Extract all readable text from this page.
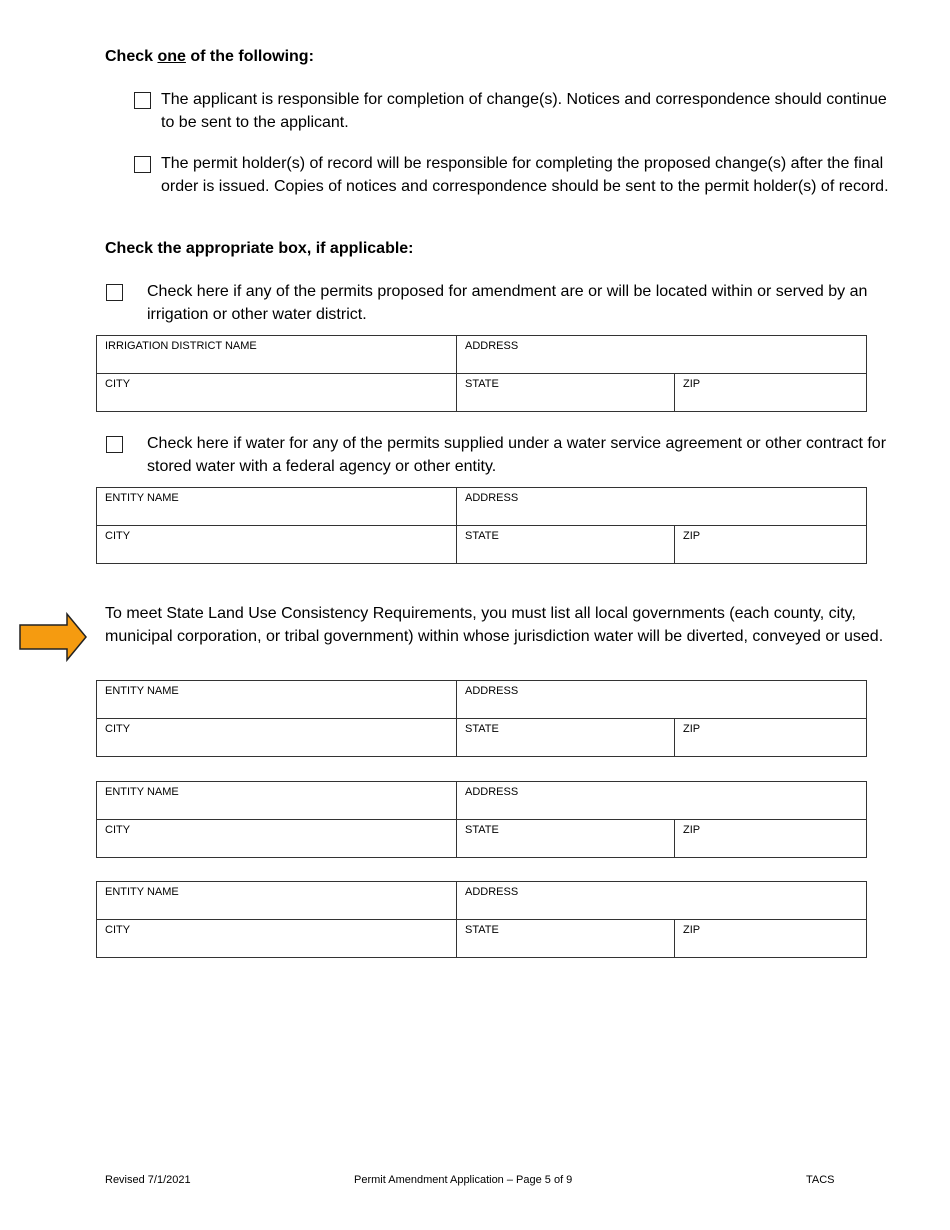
Check one of the following:
The applicant is responsible for completion of change(s). Notices and correspondence should continue to be sent to the applicant.
The permit holder(s) of record will be responsible for completing the proposed change(s) after the final order is issued. Copies of notices and correspondence should be sent to the permit holder(s) of record.
Check the appropriate box, if applicable:
Check here if any of the permits proposed for amendment are or will be located within or served by an irrigation or other water district.
IRRIGATION DISTRICT NAME	ADDRESS	
CITY	STATE	ZIP
Check here if water for any of the permits supplied under a water service agreement or other contract for stored water with a federal agency or other entity.
ENTITY NAME	ADDRESS	
CITY	STATE	ZIP
To meet State Land Use Consistency Requirements, you must list all local governments (each county, city, municipal corporation, or tribal government) within whose jurisdiction water will be diverted, conveyed or used.
ENTITY NAME	ADDRESS	
CITY	STATE	ZIP
ENTITY NAME	ADDRESS	
CITY	STATE	ZIP
ENTITY NAME	ADDRESS	
CITY	STATE	ZIP
Revised 7/1/2021	Permit Amendment Application – Page 5 of 9	TACS
